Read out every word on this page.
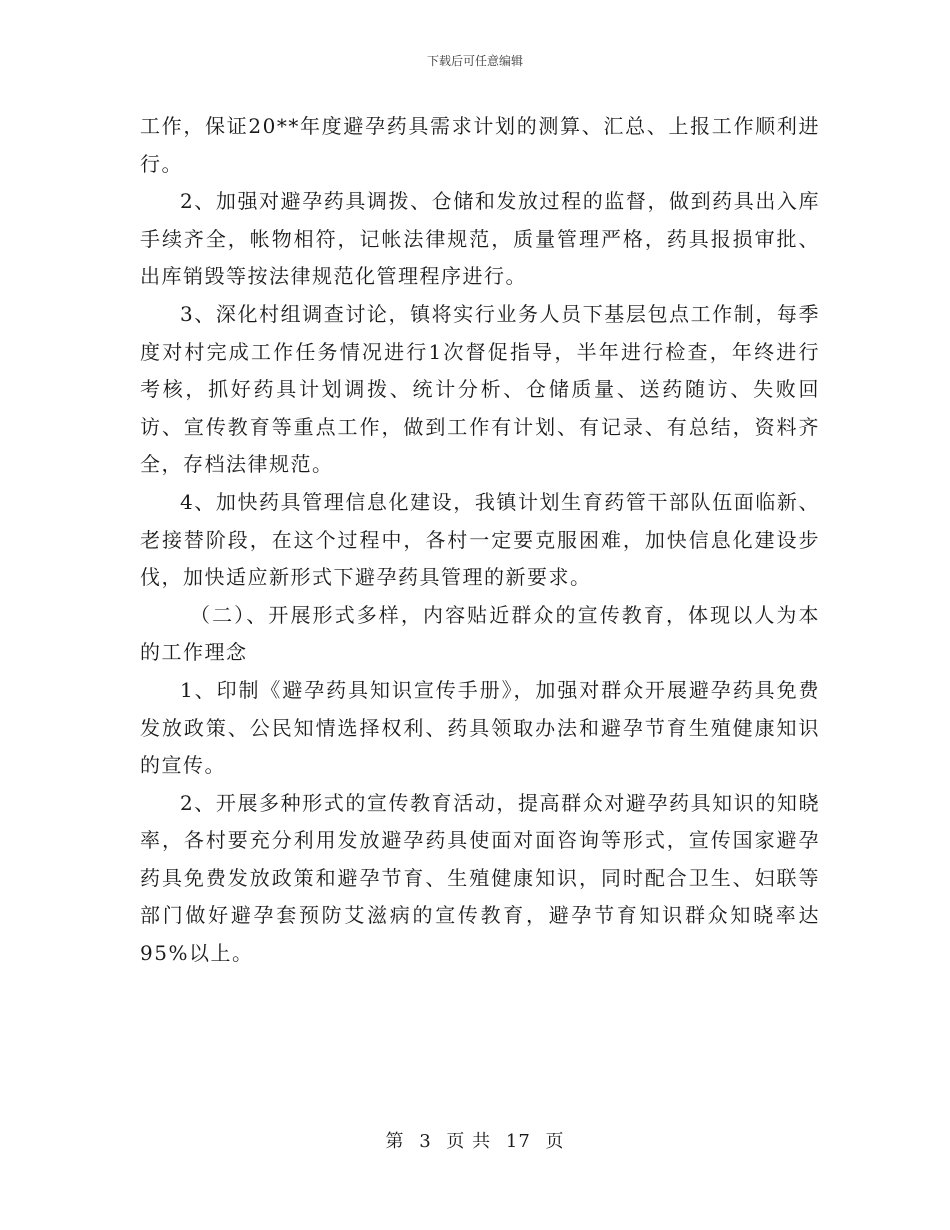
下载后可任意编辑

工作，保证20**年度避孕药具需求计划的测算、汇总、上报工作顺利进行。

2、加强对避孕药具调拨、仓储和发放过程的监督，做到药具出入库手续齐全，帐物相符，记帐法律规范，质量管理严格，药具报损审批、出库销毁等按法律规范化管理程序进行。

3、深化村组调查讨论，镇将实行业务人员下基层包点工作制，每季度对村完成工作任务情况进行1次督促指导，半年进行检查，年终进行考核，抓好药具计划调拨、统计分析、仓储质量、送药随访、失败回访、宣传教育等重点工作，做到工作有计划、有记录、有总结，资料齐全，存档法律规范。

4、加快药具管理信息化建设，我镇计划生育药管干部队伍面临新、老接替阶段，在这个过程中，各村一定要克服困难，加快信息化建设步伐，加快适应新形式下避孕药具管理的新要求。

（二）、开展形式多样，内容贴近群众的宣传教育，体现以人为本的工作理念

1、印制《避孕药具知识宣传手册》，加强对群众开展避孕药具免费发放政策、公民知情选择权利、药具领取办法和避孕节育生殖健康知识的宣传。

2、开展多种形式的宣传教育活动，提高群众对避孕药具知识的知晓率，各村要充分利用发放避孕药具使面对面咨询等形式，宣传国家避孕药具免费发放政策和避孕节育、生殖健康知识，同时配合卫生、妇联等部门做好避孕套预防艾滋病的宣传教育，避孕节育知识群众知晓率达95%以上。

第 3 页 共 17 页
